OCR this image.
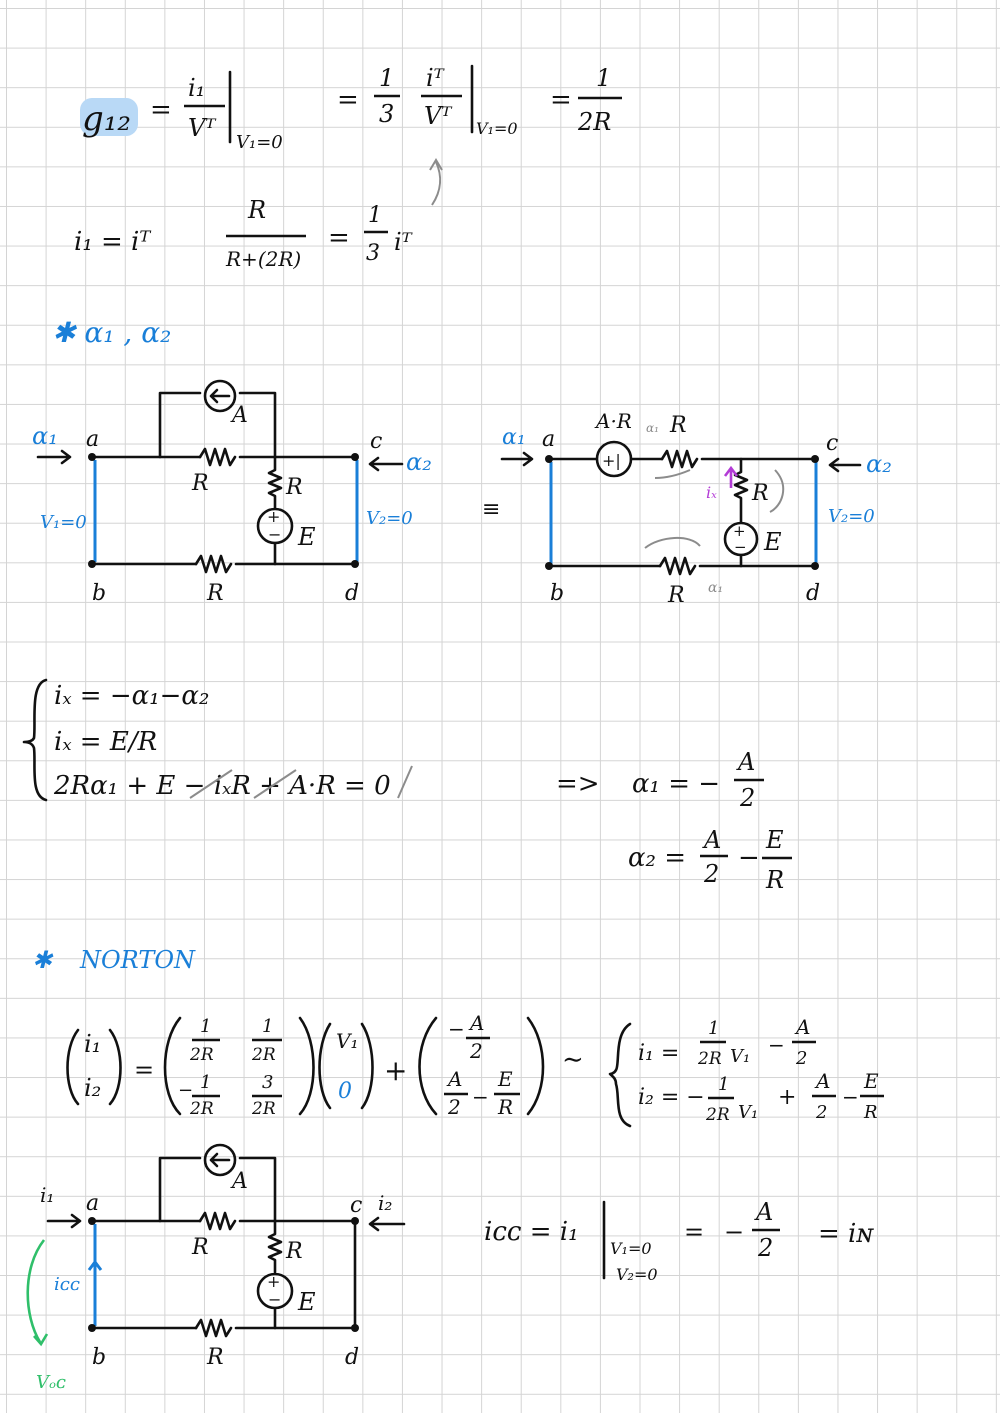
g₁₂ =
i₁
Vᵀ
V₁=0
=
1
3
iᵀ
Vᵀ V₁=0
=
1
2R
i₁ = iᵀ
R
R+(2R)
=
1
3 iᵀ
✱ α₁ , α₂
+
−
a	c
b	d
R	R
R
A
E
α₁
α₂
V₁=0	V₂=0	≡
+|
+
−
a	c
b	d
A·R R
R
R
E
iₓ
α₁
α₂
V₂=0
α₁
α₁
iₓ = −α₁−α₂
iₓ = E/R
2Rα₁ + E − iₓR + A·R = 0	=> α₁ = −
A
2
α₂ =
A
2
−
E
R
✱ NORTON
i₁
i₂
=
1
2R
1
2R
− 1
2R
3
2R
V₁
0
+
− A
2
A
2 −
E
R
∼ i₁ =
1
2R V₁ −
A
2
i₂ = −
1
2R V₁
+
A
2
−
E
R
+
−
a	c
b	d
R	R
R
A
E
i₁	i₂
iᴄᴄ
Vₒᴄ
iᴄᴄ = i₁
V₁=0
V₂=0
= −
A
2 = iɴ
